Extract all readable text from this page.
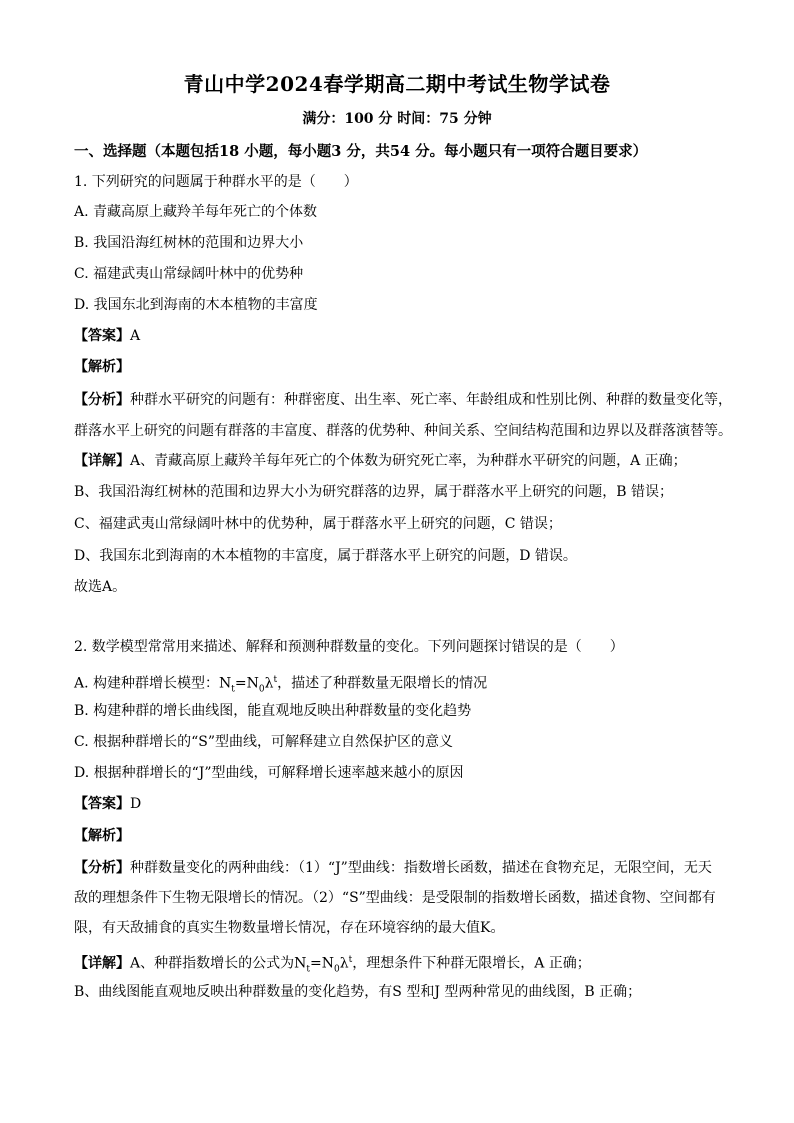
青山中学2024春学期高二期中考试生物学试卷
满分：100 分 时间：75 分钟
一、选择题（本题包括18 小题，每小题3 分，共54 分。每小题只有一项符合题目要求）
1. 下列研究的问题属于种群水平的是（　　）
A. 青藏高原上藏羚羊每年死亡的个体数
B. 我国沿海红树林的范围和边界大小
C. 福建武夷山常绿阔叶林中的优势种
D. 我国东北到海南的木本植物的丰富度
【答案】A
【解析】
【分析】种群水平研究的问题有：种群密度、出生率、死亡率、年龄组成和性别比例、种群的数量变化等，
群落水平上研究的问题有群落的丰富度、群落的优势种、种间关系、空间结构范围和边界以及群落演替等。
【详解】A、青藏高原上藏羚羊每年死亡的个体数为研究死亡率，为种群水平研究的问题，A 正确；
B、我国沿海红树林的范围和边界大小为研究群落的边界，属于群落水平上研究的问题，B 错误；
C、福建武夷山常绿阔叶林中的优势种，属于群落水平上研究的问题，C 错误；
D、我国东北到海南的木本植物的丰富度，属于群落水平上研究的问题，D 错误。
故选A。
2. 数学模型常常用来描述、解释和预测种群数量的变化。下列问题探讨错误的是（　　）
A. 构建种群增长模型：$N_t=N_0\lambda^t$，描述了种群数量无限增长的情况
B. 构建种群的增长曲线图，能直观地反映出种群数量的变化趋势
C. 根据种群增长的“S”型曲线，可解释建立自然保护区的意义
D. 根据种群增长的“J”型曲线，可解释增长速率越来越小的原因
【答案】D
【解析】
【分析】种群数量变化的两种曲线：（1）“J”型曲线：指数增长函数，描述在食物充足，无限空间，无天
敌的理想条件下生物无限增长的情况。（2）“S”型曲线：是受限制的指数增长函数，描述食物、空间都有
限，有天敌捕食的真实生物数量增长情况，存在环境容纳的最大值K。
【详解】A、种群指数增长的公式为$N_t=N_0\lambda^t$，理想条件下种群无限增长，A 正确；
B、曲线图能直观地反映出种群数量的变化趋势，有S 型和J 型两种常见的曲线图，B 正确；
